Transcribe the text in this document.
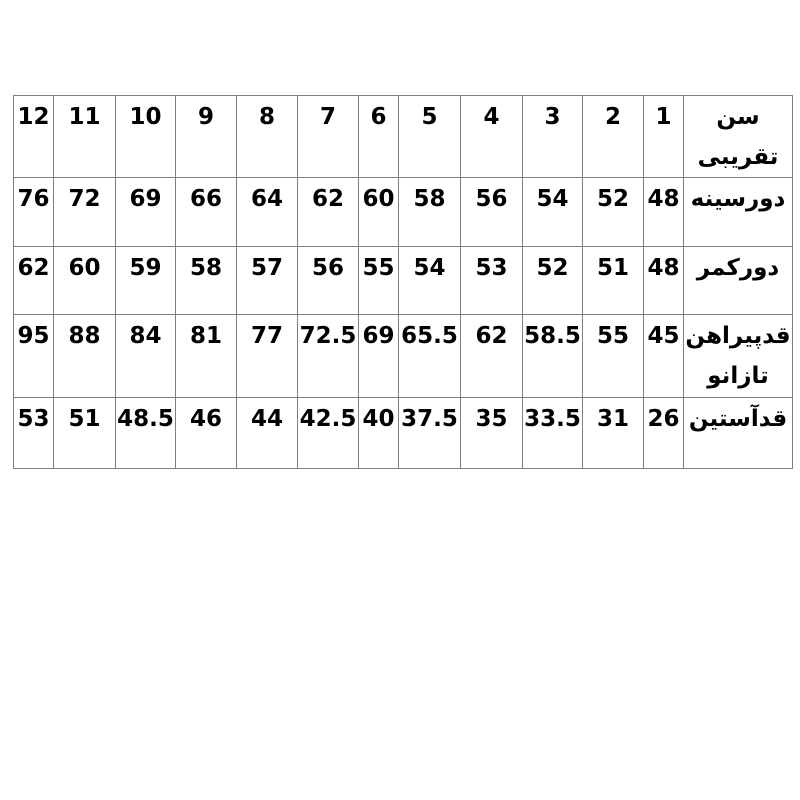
سن
تقریبی	1	2	3	4	5	6	7	8	9	10	11	12

دورسینه	48	52	54	56	58	60	62	64	66	69	72	76

دورکمر	48	51	52	53	54	55	56	57	58	59	60	62

قدپیراهن
تازانو	45	55	58.5	62	65.5	69	72.5	77	81	84	88	95

قدآستین	26	31	33.5	35	37.5	40	42.5	44	46	48.5	51	53
